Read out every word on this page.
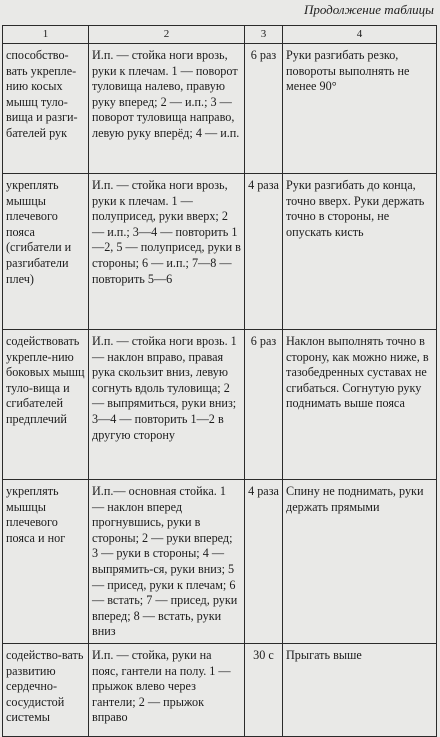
Продолжение таблицы
1	2	3	4
способство-вать укрепле-нию косых мышц туло-вища и разги-бателей рук	И.п. — стойка ноги врозь, руки к плечам. 1 — поворот туловища налево, правую руку вперед; 2 — и.п.; 3 — поворот туловища направо, левую руку вперёд; 4 — и.п.	6 раз	Руки разгибать резко, повороты выполнять не менее 90°
укреплять мышцы плечевого пояса (сгибатели и разгибатели плеч)	И.п. — стойка ноги врозь, руки к плечам. 1 — полуприсед, руки вверх; 2 — и.п.; 3—4 — повторить 1—2, 5 — полуприсед, руки в стороны; 6 — и.п.; 7—8 — повторить 5—6	4 раза	Руки разгибать до конца, точно вверх. Руки держать точно в стороны, не опускать кисть
содействовать укрепле-нию боковых мышц туло-вища и сгибателей предплечий	И.п. — стойка ноги врозь. 1 — наклон вправо, правая рука скользит вниз, левую согнуть вдоль туловища; 2 — выпрямиться, руки вниз; 3—4 — повторить 1—2 в другую сторону	6 раз	Наклон выполнять точно в сторону, как можно ниже, в тазобедренных суставах не сгибаться. Согнутую руку поднимать выше пояса
укреплять мышцы плечевого пояса и ног	И.п.— основная стойка. 1 — наклон вперед прогнувшись, руки в стороны; 2 — руки вперед; 3 — руки в стороны; 4 — выпрямить-ся, руки вниз; 5 — присед, руки к плечам; 6 — встать; 7 — присед, руки вперед; 8 — встать, руки вниз	4 раза	Спину не поднимать, руки держать прямыми
содейство-вать развитию сердечно-сосудистой системы	И.п. — стойка, руки на пояс, гантели на полу. 1 — прыжок влево через гантели; 2 — прыжок вправо	30 с	Прыгать выше
